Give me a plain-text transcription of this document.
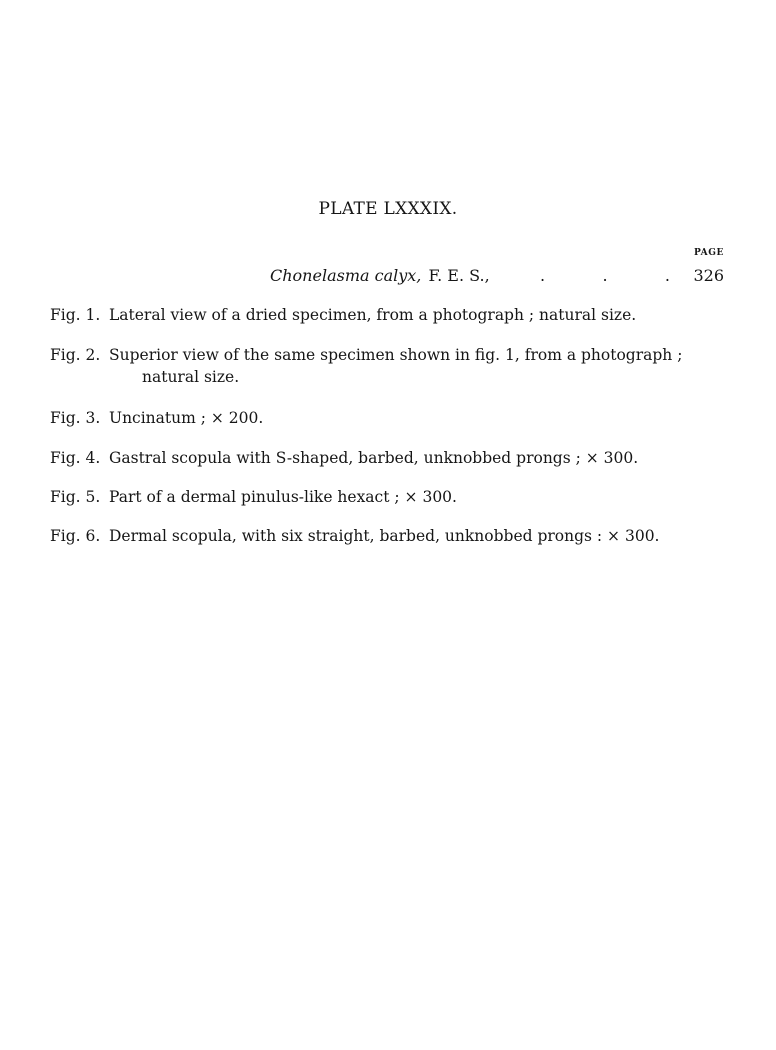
PLATE LXXXIX.
PAGE
Chonelasma calyx, F. E. S.,	.	.	. 326
Fig. 1. Lateral view of a dried specimen, from a photograph ; natural size.
Fig. 2. Superior view of the same specimen shown in fig. 1, from a photograph ;
natural size.
Fig. 3. Uncinatum ; × 200.
Fig. 4. Gastral scopula with S-shaped, barbed, unknobbed prongs ; × 300.
Fig. 5. Part of a dermal pinulus-like hexact ; × 300.
Fig. 6. Dermal scopula, with six straight, barbed, unknobbed prongs : × 300.
